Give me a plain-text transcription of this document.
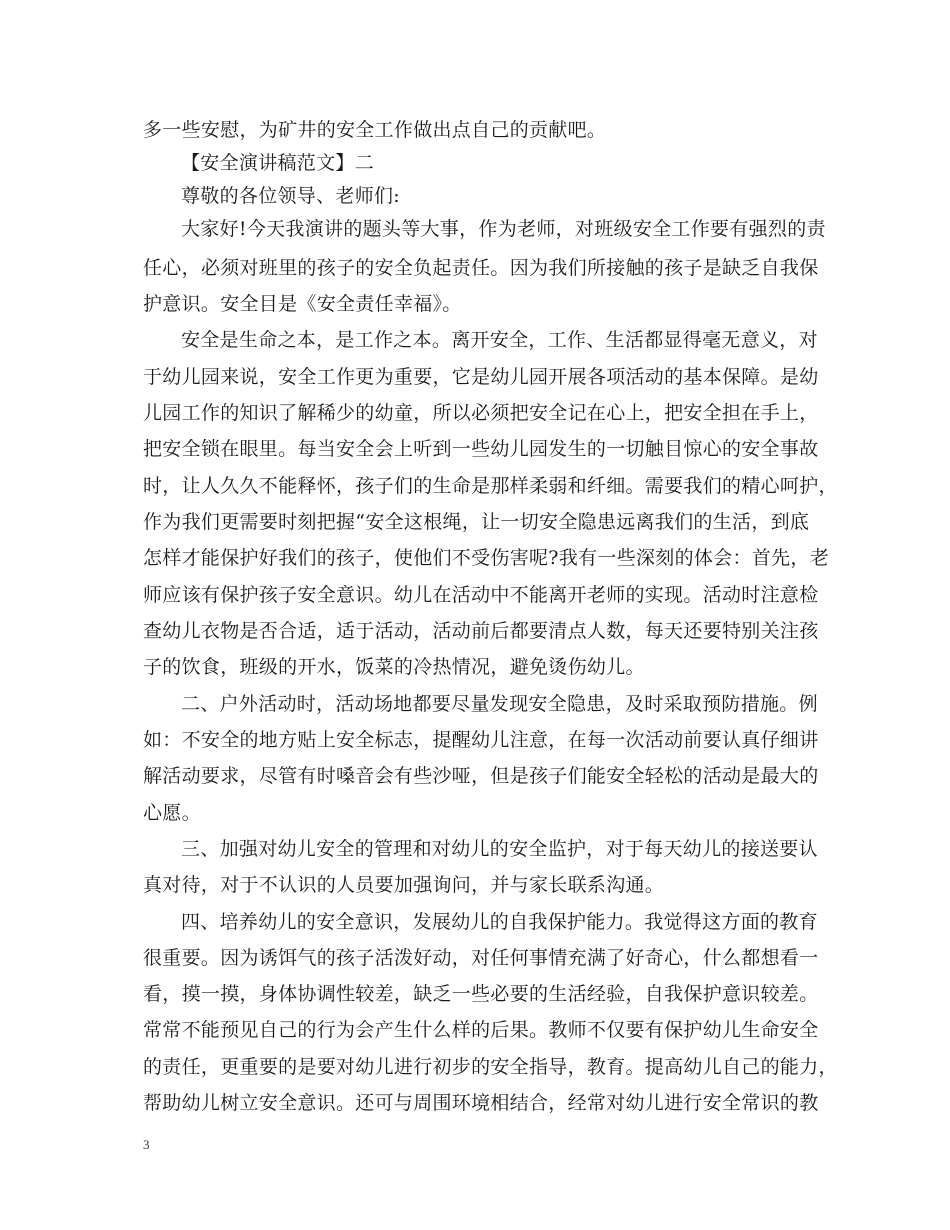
多一些安慰，为矿井的安全工作做出点自己的贡献吧。
【安全演讲稿范文】二
尊敬的各位领导、老师们:
大家好!今天我演讲的题头等大事，作为老师，对班级安全工作要有强烈的责
任心，必须对班里的孩子的安全负起责任。因为我们所接触的孩子是缺乏自我保
护意识。安全目是《安全责任幸福》。
安全是生命之本，是工作之本。离开安全，工作、生活都显得毫无意义，对
于幼儿园来说，安全工作更为重要，它是幼儿园开展各项活动的基本保障。是幼
儿园工作的知识了解稀少的幼童，所以必须把安全记在心上，把安全担在手上，
把安全锁在眼里。每当安全会上听到一些幼儿园发生的一切触目惊心的安全事故
时，让人久久不能释怀，孩子们的生命是那样柔弱和纤细。需要我们的精心呵护，
作为我们更需要时刻把握“安全这根绳，让一切安全隐患远离我们的生活，到底
怎样才能保护好我们的孩子，使他们不受伤害呢?我有一些深刻的体会：首先，老
师应该有保护孩子安全意识。幼儿在活动中不能离开老师的实现。活动时注意检
查幼儿衣物是否合适，适于活动，活动前后都要清点人数，每天还要特别关注孩
子的饮食，班级的开水，饭菜的冷热情况，避免烫伤幼儿。
二、户外活动时，活动场地都要尽量发现安全隐患，及时采取预防措施。例
如：不安全的地方贴上安全标志，提醒幼儿注意，在每一次活动前要认真仔细讲
解活动要求，尽管有时嗓音会有些沙哑，但是孩子们能安全轻松的活动是最大的
心愿。
三、加强对幼儿安全的管理和对幼儿的安全监护，对于每天幼儿的接送要认
真对待，对于不认识的人员要加强询问，并与家长联系沟通。
四、培养幼儿的安全意识，发展幼儿的自我保护能力。我觉得这方面的教育
很重要。因为诱饵气的孩子活泼好动，对任何事情充满了好奇心，什么都想看一
看，摸一摸，身体协调性较差，缺乏一些必要的生活经验，自我保护意识较差。
常常不能预见自己的行为会产生什么样的后果。教师不仅要有保护幼儿生命安全
的责任，更重要的是要对幼儿进行初步的安全指导，教育。提高幼儿自己的能力，
帮助幼儿树立安全意识。还可与周围环境相结合，经常对幼儿进行安全常识的教
3
